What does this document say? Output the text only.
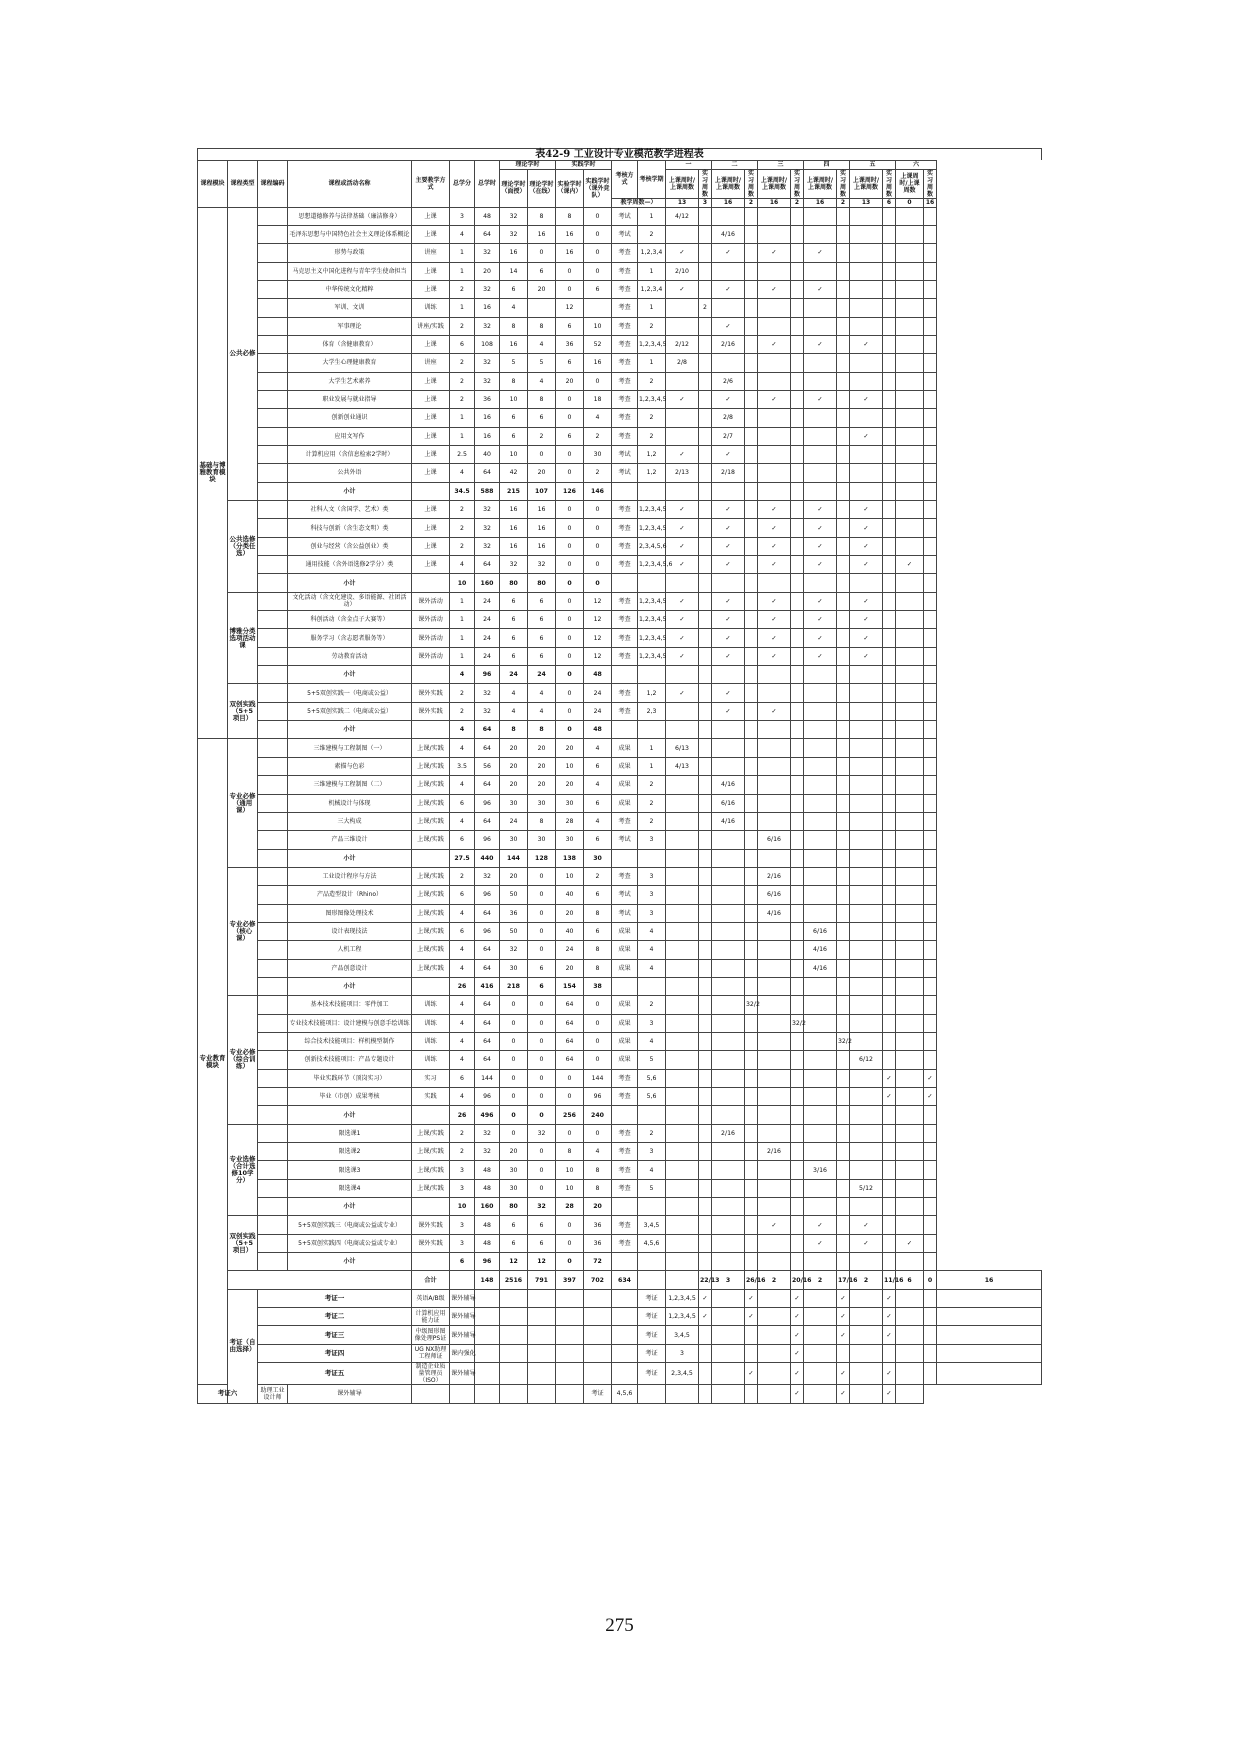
表42-9 工业设计专业模范教学进程表

课程模块	课程类型	课程编码	课程或活动名称	主要教学方式	总学分	总学时	理论学时		实践学时		考核方式	考核学期	一		二		三		四		五		六		
							理论学时（面授）	理论学时（在线）	实验学时（课内）	实践学时（课外竞队）			上课周时/上课周数	实习周数	上课周时/上课周数	实习周数	上课周时/上课周数	实习周数	上课周时/上课周数	实习周数	上课周时/上课周数	实习周数	上课周时/上课周数	实习周数	
											教学周数—）		13	3	16	2	16	2	16	2	13	6	0	16	
基础与博雅教育模块	公共必修		思想道德修养与法律基础（廉洁修身）	上课	3	48	32	8	8	0	考试	1	4/12												
			毛泽东思想与中国特色社会主义理论体系概论	上课	4	64	32	16	16	0	考试	2			4/16										
			形势与政策	讲座	1	32	16	0	16	0	考查	1,2,3,4	✓		✓		✓		✓						
			马克思主义中国化进程与青年学生使命担当	上课	1	20	14	6	0	0	考查	1	2/10												
			中华传统文化精粹	上课	2	32	6	20	0	6	考查	1,2,3,4	✓		✓		✓		✓						
			军训、文训	训练	1	16	4		12		考查	1		2											
			军事理论	讲座/实践	2	32	8	8	6	10	考查	2			✓										
			体育（含健康教育）	上课	6	108	16	4	36	52	考查	1,2,3,4,5	2/12		2/16		✓		✓		✓				
			大学生心理健康教育	讲座	2	32	5	5	6	16	考查	1	2/8												
			大学生艺术素养	上课	2	32	8	4	20	0	考查	2			2/6										
			职业发展与就业指导	上课	2	36	10	8	0	18	考查	1,2,3,4,5	✓		✓		✓		✓		✓				
			创新创业通识	上课	1	16	6	6	0	4	考查	2			2/8										
			应用文写作	上课	1	16	6	2	6	2	考查	2			2/7						✓				
			计算机应用（含信息检索2学时）	上课	2.5	40	10	0	0	30	考试	1,2	✓		✓										
			公共外语	上课	4	64	42	20	0	2	考试	1,2	2/13		2/18										
			小计		34.5	588	215	107	126	146															
	公共选修（分类任选）		社科人文（含国学、艺术）类	上课	2	32	16	16	0	0	考查	1,2,3,4,5	✓		✓		✓		✓		✓				
			科技与创新（含生态文明）类	上课	2	32	16	16	0	0	考查	1,2,3,4,5	✓		✓		✓		✓		✓				
			创业与经营（含公益创业）类	上课	2	32	16	16	0	0	考查	2,3,4,5,6	✓		✓		✓		✓		✓				
			通用技能（含外语选修2学分）类	上课	4	64	32	32	0	0	考查	1,2,3,4,5,6	✓		✓		✓		✓		✓		✓		
			小计		10	160	80	80	0	0															
	博雅分类选项活动课		文化活动（含文化建设、多语能源、社团活动）	课外活动	1	24	6	6	0	12	考查	1,2,3,4,5	✓		✓		✓		✓		✓				
			科创活动（含金点子大赛等）	课外活动	1	24	6	6	0	12	考查	1,2,3,4,5	✓		✓		✓		✓		✓				
			服务学习（含志愿者服务等）	课外活动	1	24	6	6	0	12	考查	1,2,3,4,5	✓		✓		✓		✓		✓				
			劳动教育活动	课外活动	1	24	6	6	0	12	考查	1,2,3,4,5	✓		✓		✓		✓		✓				
			小计		4	96	24	24	0	48															
	双创实践（5+5项目）		5+5双创实践一（电商或公益）	课外实践	2	32	4	4	0	24	考查	1,2	✓		✓										
			5+5双创实践二（电商或公益）	课外实践	2	32	4	4	0	24	考查	2,3			✓		✓								
			小计		4	64	8	8	0	48															
专业教育模块	专业必修（通用课）		三维建模与工程制图（一）	上课/实践	4	64	20	20	20	4	成果	1	6/13												
			素描与色彩	上课/实践	3.5	56	20	20	10	6	成果	1	4/13												
			三维建模与工程制图（二）	上课/实践	4	64	20	20	20	4	成果	2			4/16										
			机械设计与体现	上课/实践	6	96	30	30	30	6	成果	2			6/16										
			三大构成	上课/实践	4	64	24	8	28	4	考查	2			4/16										
			产品三维设计	上课/实践	6	96	30	30	30	6	考试	3					6/16								
			小计		27.5	440	144	128	138	30															
	专业必修（核心课）		工业设计程序与方法	上课/实践	2	32	20	0	10	2	考查	3					2/16								
			产品造型设计（Rhino）	上课/实践	6	96	50	0	40	6	考试	3					6/16								
			图形图像处理技术	上课/实践	4	64	36	0	20	8	考试	3					4/16								
			设计表现技法	上课/实践	6	96	50	0	40	6	成果	4							6/16						
			人机工程	上课/实践	4	64	32	0	24	8	成果	4							4/16						
			产品创意设计	上课/实践	4	64	30	6	20	8	成果	4							4/16						
			小计		26	416	218	6	154	38															
	专业必修（综合训练）		基本技术技能项目：零件加工	训练	4	64	0	0	64	0	成果	2				32/2									
			专业技术技能项目：设计建模与创意手绘训练	训练	4	64	0	0	64	0	成果	3						32/2							
			综合技术技能项目：样机模型制作	训练	4	64	0	0	64	0	成果	4								32/2					
			创新技术技能项目：产品专题设计	训练	4	64	0	0	64	0	成果	5									6/12				
			毕业实践环节（顶岗实习）	实习	6	144	0	0	0	144	考查	5,6										✓		✓	
			毕业（市创）成果考核	实践	4	96	0	0	0	96	考查	5,6										✓		✓	
			小计		26	496	0	0	256	240															
	专业选修（合计选修10学分）		限选课1	上课/实践	2	32	0	32	0	0	考查	2			2/16										
			限选课2	上课/实践	2	32	20	0	8	4	考查	3					2/16								
			限选课3	上课/实践	3	48	30	0	10	8	考查	4							3/16						
			限选课4	上课/实践	3	48	30	0	10	8	考查	5									5/12				
			小计		10	160	80	32	28	20															
	双创实践（5+5项目）		5+5双创实践三（电商或公益或专业）	课外实践	3	48	6	6	0	36	考查	3,4,5					✓		✓		✓				
			5+5双创实践四（电商或公益或专业）	课外实践	3	48	6	6	0	36	考查	4,5,6							✓		✓		✓		
			小计		6	96	12	12	0	72															
				合计		148	2516	791	397	702	634			22/13	3	26/16	2	20/16	2	17/16	2	11/16	6	0	16
	考证（自由选择）	考证一		英语A/B级	课外辅导							考证	1,2,3,4,5	✓		✓		✓		✓		✓			
		考证二		计算机应用能力证	课外辅导							考证	1,2,3,4,5	✓		✓		✓		✓		✓			
		考证三		中级图形图像处理PS证	课外辅导							考证	3,4,5					✓		✓		✓			
		考证四		UG NX助理工程师证	课内强化							考证	3					✓							
		考证五		制造企业质量管理员（ISO）	课外辅导							考证	2,3,4,5			✓		✓		✓		✓			
考证六		助理工业设计师	课外辅导							考证	4,5,6							✓		✓		✓			
275
